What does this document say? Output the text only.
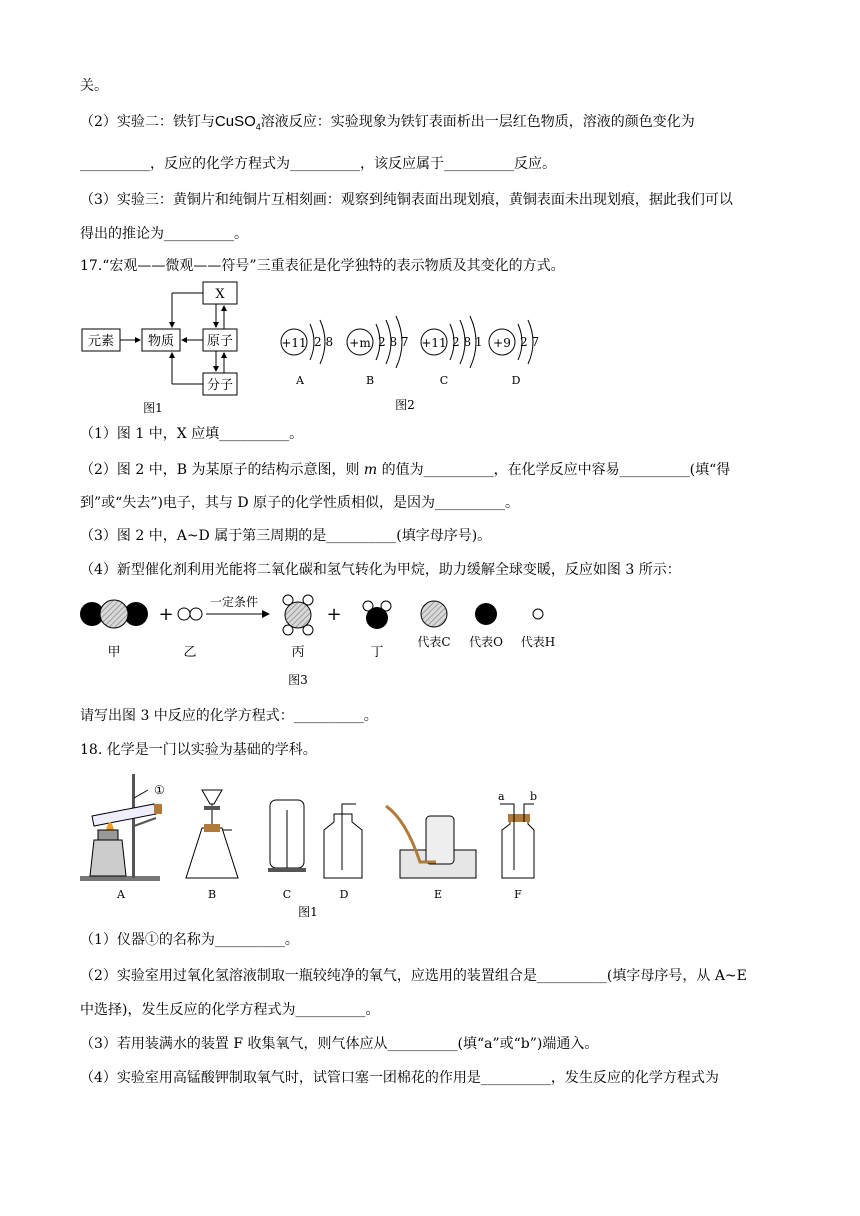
关。
（2）实验二：铁钉与CuSO$_4$溶液反应：实验现象为铁钉表面析出一层红色物质，溶液的颜色变化为
__________，反应的化学方程式为__________，该反应属于__________反应。
（3）实验三：黄铜片和纯铜片互相刻画：观察到纯铜表面出现划痕，黄铜表面未出现划痕，据此我们可以
得出的推论为__________。
17.“宏观——微观——符号”三重表征是化学独特的表示物质及其变化的方式。
X
元素	物质	原子
分子
图1
+11 2 8
A
+m 2 8 7
B
+11 2 8 1
C
+9 2 7
D
图2
（1）图 1 中，X 应填__________。
（2）图 2 中，B 为某原子的结构示意图，则 m 的值为__________，在化学反应中容易__________(填“得
到”或“失去”)电子，其与 D 原子的化学性质相似，是因为__________。
（3）图 2 中，A~D 属于第三周期的是__________(填字母序号)。
（4）新型催化剂利用光能将二氧化碳和氢气转化为甲烷，助力缓解全球变暖，反应如图 3 所示：
甲
+
乙
一定条件
丙
+
丁
代表C 代表O 代表H
图3
请写出图 3 中反应的化学方程式：__________。
18. 化学是一门以实验为基础的学科。
①
A	B	C	D	E
a b
F
图1
（1）仪器①的名称为__________。
（2）实验室用过氧化氢溶液制取一瓶较纯净的氧气，应选用的装置组合是__________(填字母序号，从 A~E
中选择)，发生反应的化学方程式为__________。
（3）若用装满水的装置 F 收集氧气，则气体应从__________(填“a”或“b”)端通入。
（4）实验室用高锰酸钾制取氧气时，试管口塞一团棉花的作用是__________，发生反应的化学方程式为
